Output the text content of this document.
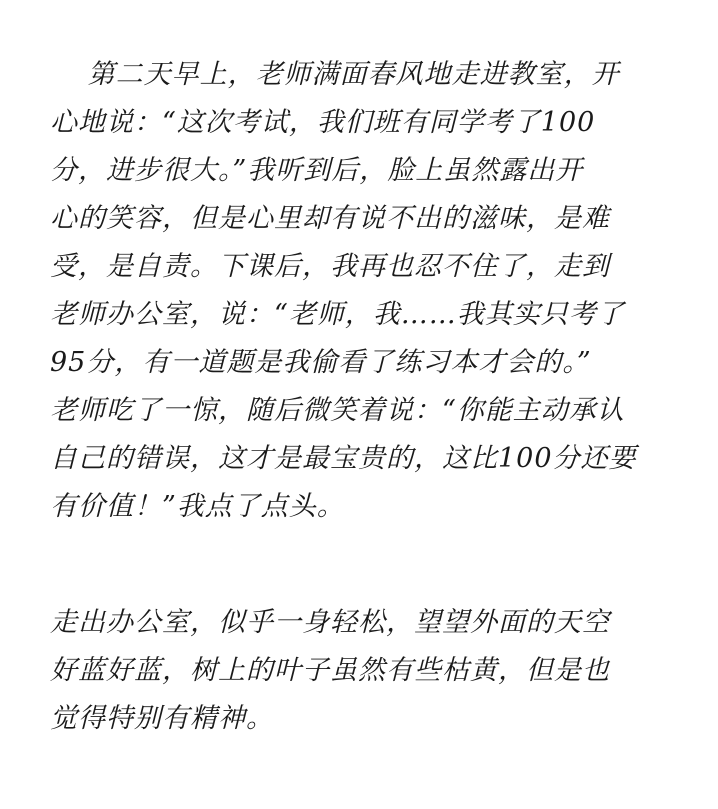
　 第二天早上，老师满面春风地走进教室，开
心地说：“这次考试，我们班有同学考了100
分，进步很大。”我听到后，脸上虽然露出开
心的笑容，但是心里却有说不出的滋味，是难
受，是自责。下课后，我再也忍不住了，走到
老师办公室，说：“老师，我……我其实只考了
95分，有一道题是我偷看了练习本才会的。”
老师吃了一惊，随后微笑着说：“你能主动承认
自己的错误，这才是最宝贵的，这比100分还要
有价值！”我点了点头。
走出办公室，似乎一身轻松，望望外面的天空
好蓝好蓝，树上的叶子虽然有些枯黄，但是也
觉得特别有精神。
